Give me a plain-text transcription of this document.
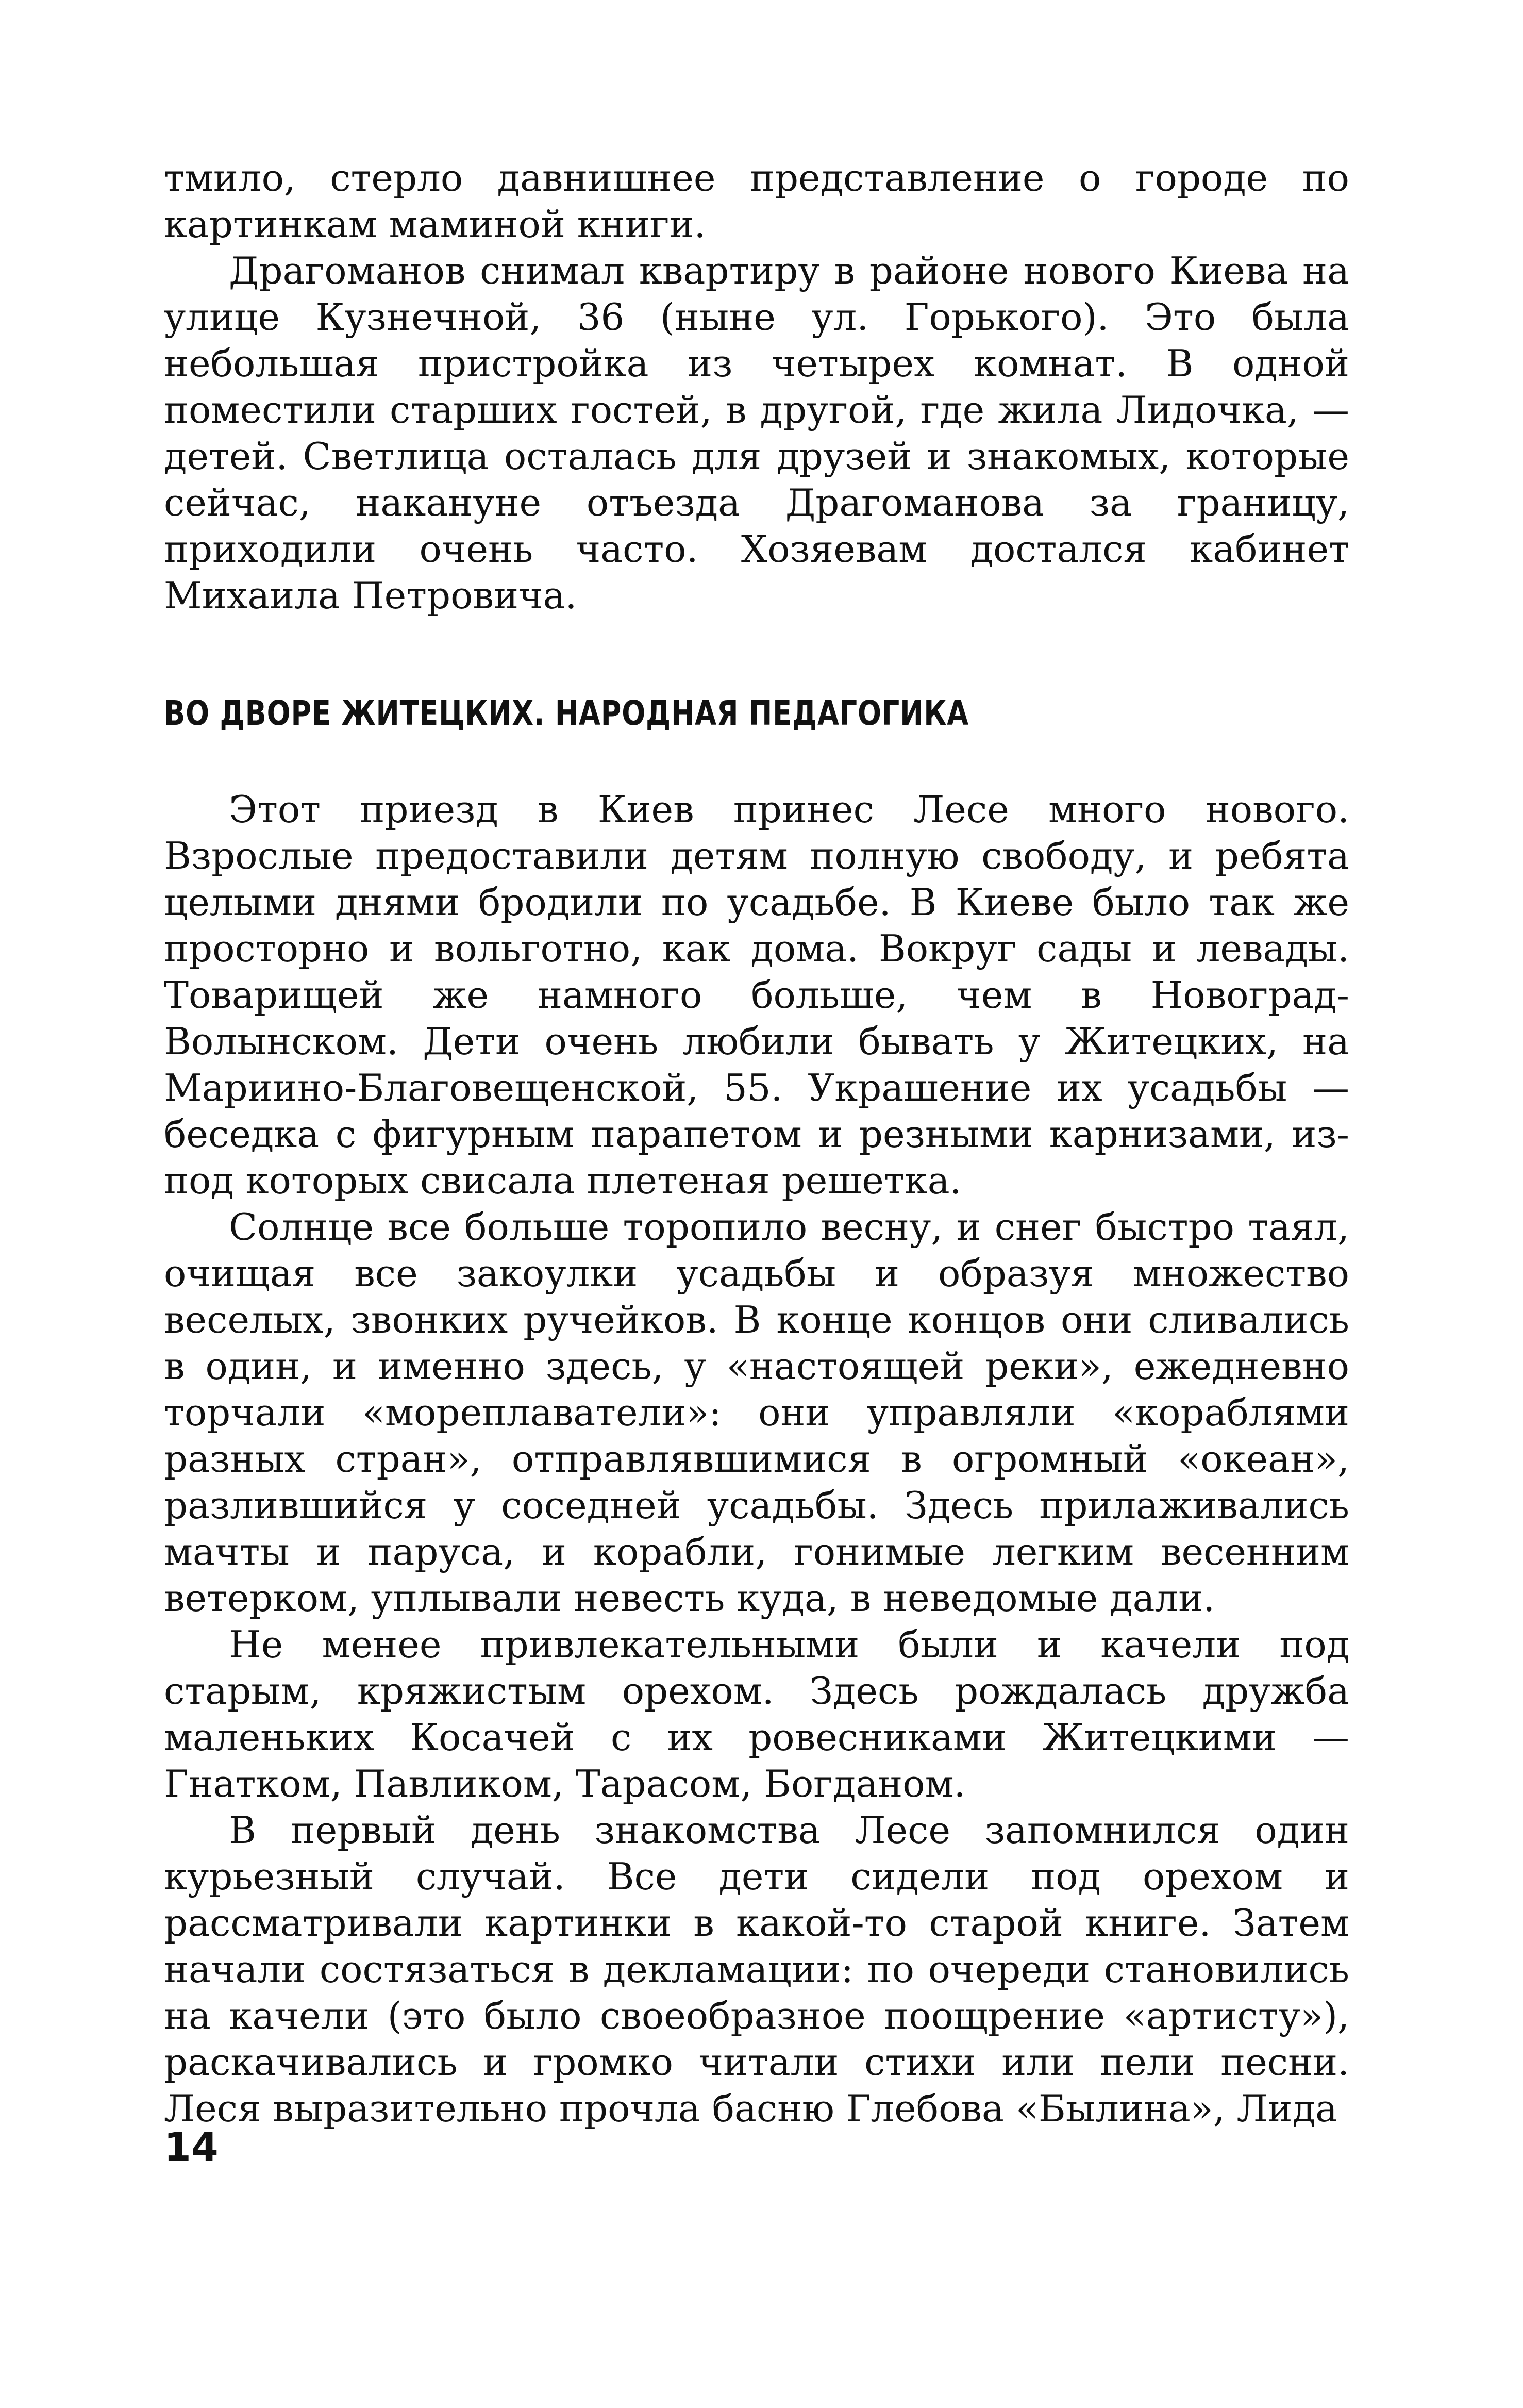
тмило, стерло давнишнее представление о городе по картинкам маминой книги.

Драгоманов снимал квартиру в районе нового Киева на улице Кузнечной, 36 (ныне ул. Горького). Это была небольшая пристройка из четырех комнат. В одной поместили старших гостей, в другой, где жила Лидочка, — детей. Светлица осталась для друзей и знакомых, которые сейчас, накануне отъезда Драгоманова за границу, приходили очень часто. Хозяевам достался кабинет Михаила Петровича.

ВО ДВОРЕ ЖИТЕЦКИХ. НАРОДНАЯ ПЕДАГОГИКА

Этот приезд в Киев принес Лесе много нового. Взрослые предоставили детям полную свободу, и ребята целыми днями бродили по усадьбе. В Киеве было так же просторно и вольготно, как дома. Вокруг сады и левады. Товарищей же намного больше, чем в Новоград-Волынском. Дети очень любили бывать у Житецких, на Мариино-Благовещенской, 55. Украшение их усадьбы — беседка с фигурным парапетом и резными карнизами, из-под которых свисала плетеная решетка.

Солнце все больше торопило весну, и снег быстро таял, очищая все закоулки усадьбы и образуя множество веселых, звонких ручейков. В конце концов они сливались в один, и именно здесь, у «настоящей реки», ежедневно торчали «мореплаватели»: они управляли «кораблями разных стран», отправлявшимися в огромный «океан», разлившийся у соседней усадьбы. Здесь прилаживались мачты и паруса, и корабли, гонимые легким весенним ветерком, уплывали невесть куда, в неведомые дали.

Не менее привлекательными были и качели под старым, кряжистым орехом. Здесь рождалась дружба маленьких Косачей с их ровесниками Житецкими — Гнатком, Павликом, Тарасом, Богданом.

В первый день знакомства Лесе запомнился один курьезный случай. Все дети сидели под орехом и рассматривали картинки в какой-то старой книге. Затем начали состязаться в декламации: по очереди становились на качели (это было своеобразное поощрение «артисту»), раскачивались и громко читали стихи или пели песни. Леся выразительно прочла басню Глебова «Былина», Лида

14
